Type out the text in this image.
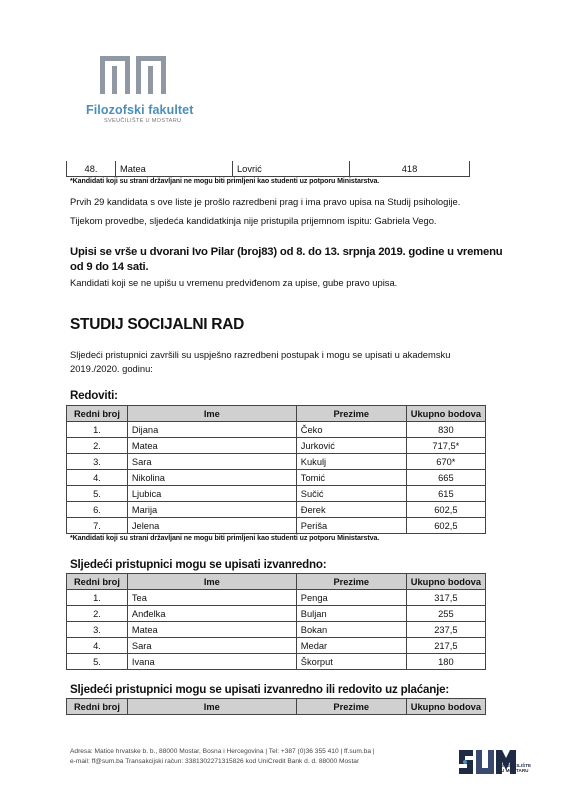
Filozofski fakultet
SVEUČILIŠTE U MOSTARU
48.	Matea	Lovrić	418
*Kandidati koji su strani državljani ne mogu biti primljeni kao studenti uz potporu Ministarstva.
Prvih 29 kandidata s ove liste je prošlo razredbeni prag i ima pravo upisa na Studij psihologije.
Tijekom provedbe, sljedeća kandidatkinja nije pristupila prijemnom ispitu: Gabriela Vego.
Upisi se vrše u dvorani Ivo Pilar (broj83) od 8. do 13. srpnja 2019. godine u vremenu
od 9 do 14 sati.
Kandidati koji se ne upišu u vremenu predviđenom za upise, gube pravo upisa.
STUDIJ SOCIJALNI RAD
Sljedeći pristupnici završili su uspješno razredbeni postupak i mogu se upisati u akademsku
2019./2020. godinu:
Redoviti:
Redni broj	Ime	Prezime	Ukupno bodova
1.	Dijana	Čeko	830
2.	Matea	Jurković	717,5*
3.	Sara	Kukulj	670*
4.	Nikolina	Tomić	665
5.	Ljubica	Sučić	615
6.	Marija	Đerek	602,5
7.	Jelena	Periša	602,5
*Kandidati koji su strani državljani ne mogu biti primljeni kao studenti uz potporu Ministarstva.
Sljedeći pristupnici mogu se upisati izvanredno:
Redni broj	Ime	Prezime	Ukupno bodova
1.	Tea	Penga	317,5
2.	Anđelka	Buljan	255
3.	Matea	Bokan	237,5
4.	Sara	Medar	217,5
5.	Ivana	Škorput	180
Sljedeći pristupnici mogu se upisati izvanredno ili redovito uz plaćanje:
Redni broj	Ime	Prezime	Ukupno bodova
Adresa: Matice hrvatske b. b., 88000 Mostar, Bosna i Hercegovina | Tel: +387 (0)36 355 410 | ff.sum.ba |
e-mail: ff@sum.ba Transakcijski račun: 3381302271315826 kod UniCredit Bank d. d. 88000 Mostar
SVEUČILIŠTE
U MOSTARU
